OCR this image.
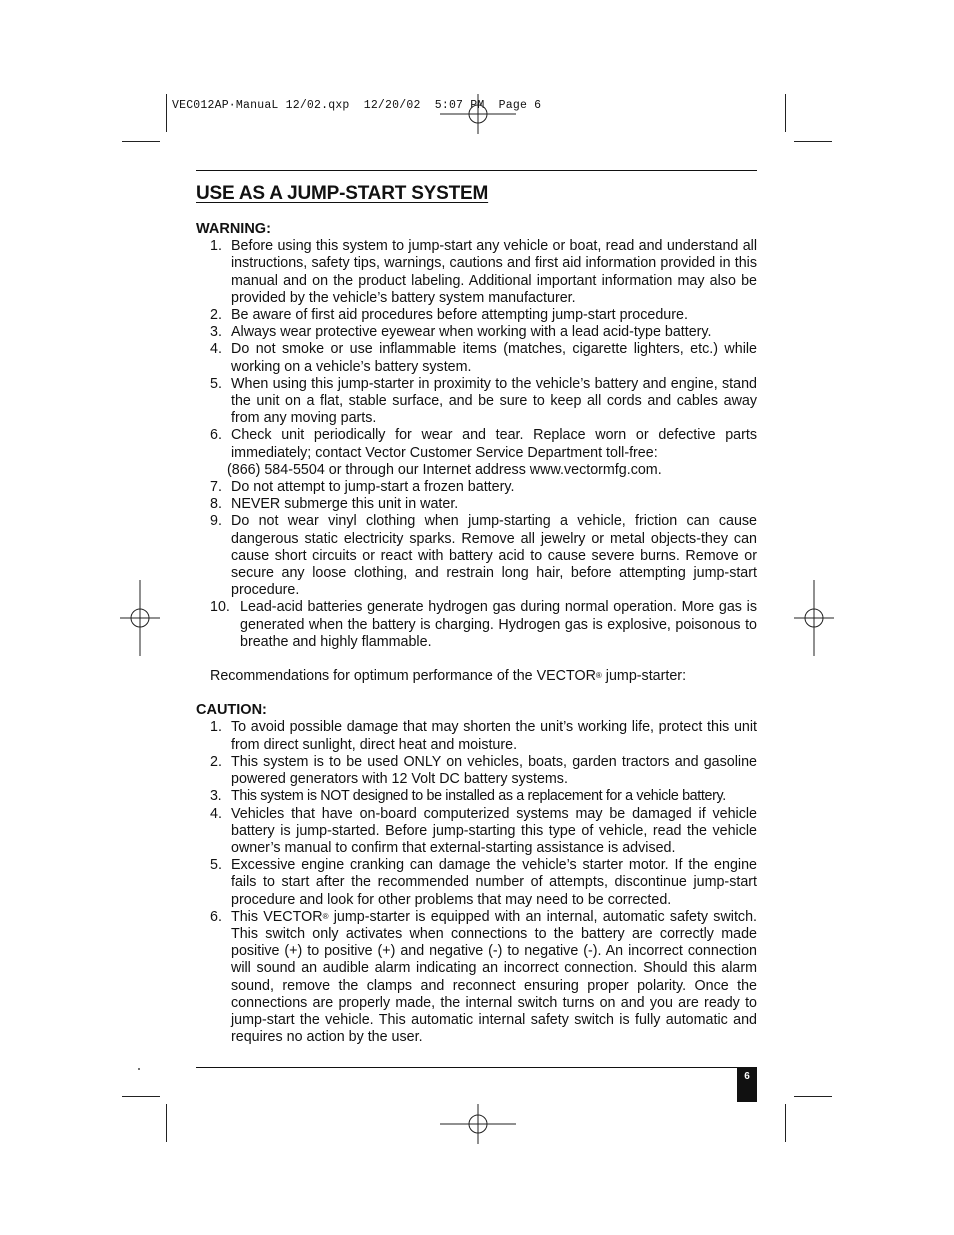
VEC012AP·ManuaL 12/02.qxp  12/20/02  5:07 PM  Page 6
USE AS A JUMP-START SYSTEM

WARNING:

1. Before using this system to jump-start any vehicle or boat, read and understand all instructions, safety tips, warnings, cautions and first aid information provided in this manual and on the product labeling. Additional important information may also be provided by the vehicle’s battery system manufacturer.
2. Be aware of first aid procedures before attempting jump-start procedure.
3. Always wear protective eyewear when working with a lead acid-type battery.
4. Do not smoke or use inflammable items (matches, cigarette lighters, etc.) while working on a vehicle’s battery system.
5. When using this jump-starter in proximity to the vehicle’s battery and engine, stand the unit on a flat, stable surface, and be sure to keep all cords and cables away from any moving parts.
6. Check unit periodically for wear and tear. Replace worn or defective parts immediately; contact Vector Customer Service Department toll-free:
(866) 584-5504 or through our Internet address www.vectormfg.com.
7. Do not attempt to jump-start a frozen battery.
8. NEVER submerge this unit in water.
9. Do not wear vinyl clothing when jump-starting a vehicle, friction can cause dangerous static electricity sparks. Remove all jewelry or metal objects-they can cause short circuits or react with battery acid to cause severe burns. Remove or secure any loose clothing, and restrain long hair, before attempting jump-start procedure.
10. Lead-acid batteries generate hydrogen gas during normal operation. More gas is generated when the battery is charging. Hydrogen gas is explosive, poisonous to breathe and highly flammable.

Recommendations for optimum performance of the VECTOR® jump-starter:

CAUTION:

1. To avoid possible damage that may shorten the unit’s working life, protect this unit from direct sunlight, direct heat and moisture.
2. This system is to be used ONLY on vehicles, boats, garden tractors and gasoline powered generators with 12 Volt DC battery systems.
3. This system is NOT designed to be installed as a replacement for a vehicle battery.
4. Vehicles that have on-board computerized systems may be damaged if vehicle battery is jump-started. Before jump-starting this type of vehicle, read the vehicle owner’s manual to confirm that external-starting assistance is advised.
5. Excessive engine cranking can damage the vehicle’s starter motor. If the engine fails to start after the recommended number of attempts, discontinue jump-start procedure and look for other problems that may need to be corrected.
6. This VECTOR® jump-starter is equipped with an internal, automatic safety switch. This switch only activates when connections to the battery are correctly made positive (+) to positive (+) and negative (-) to negative (-). An incorrect connection will sound an audible alarm indicating an incorrect connection. Should this alarm sound, remove the clamps and reconnect ensuring proper polarity. Once the connections are properly made, the internal switch turns on and you are ready to jump-start the vehicle. This automatic internal safety switch is fully automatic and requires no action by the user.
6
